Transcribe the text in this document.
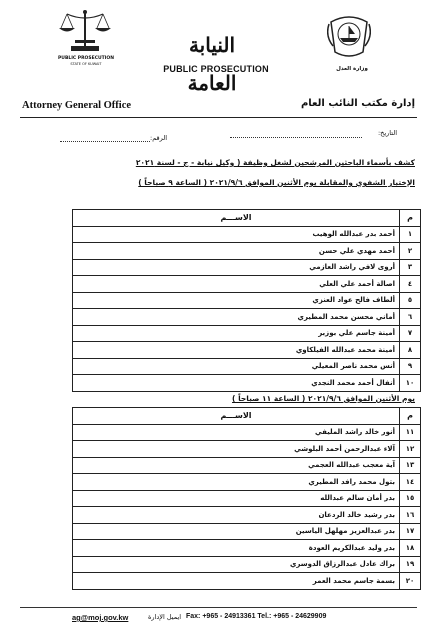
PUBLIC PROSECUTION
STATE OF KUWAIT
النيابة العامة
PUBLIC PROSECUTION	وزارة العدل
Attorney General Office	إدارة مكتب النائب العام
التاريخ:
الرقم:
كشف بأسماء الباحثين المرشحين لشغل وظيفة ( وكيل نيابة - ج - لسنة ٢٠٢١
الإختبار الشفوي والمقابلة يوم الأثنين الموافق ٢٠٢١/٩/٦ ( الساعة ٩ صباحاً )
م	الاســـم
١	أحمد بدر عبدالله الوهيب
٢	أحمد مهدي علي حسن
٣	أروى لافي راشد العازمي
٤	اصالة أحمد علي العلي
٥	ألطاف فالح عواد العنزي
٦	أماني محسن محمد المطيري
٧	أمينة جاسم علي بوزبر
٨	أمينة محمد عبدالله الفيلكاوي
٩	أنس محمد ناصر المعيلي
١٠	أنفال أحمد محمد النجدي
يوم الأثنين الموافق ٢٠٢١/٩/٦ ( الساعة ١١ صباحاً )
م	الاســـم
١١	أنور خالد راشد المليفي
١٢	آلاء عبدالرحمن أحمد البلوشي
١٣	آية معجب عبدالله العجمي
١٤	بتول محمد رافد المطيري
١٥	بدر أمان سالم عبدالله
١٦	بدر رشيد خالد الردعان
١٧	بدر عبدالعزيز مهلهل الياسين
١٨	بدر وليد عبدالكريم العودة
١٩	براك عادل عبدالرزاق الدوسري
٢٠	بسمة جاسم محمد العمر
ag@moj.gov.kw	ايميل الإدارة Fax: +965 - 24913361 Tel.: +965 - 24629909
